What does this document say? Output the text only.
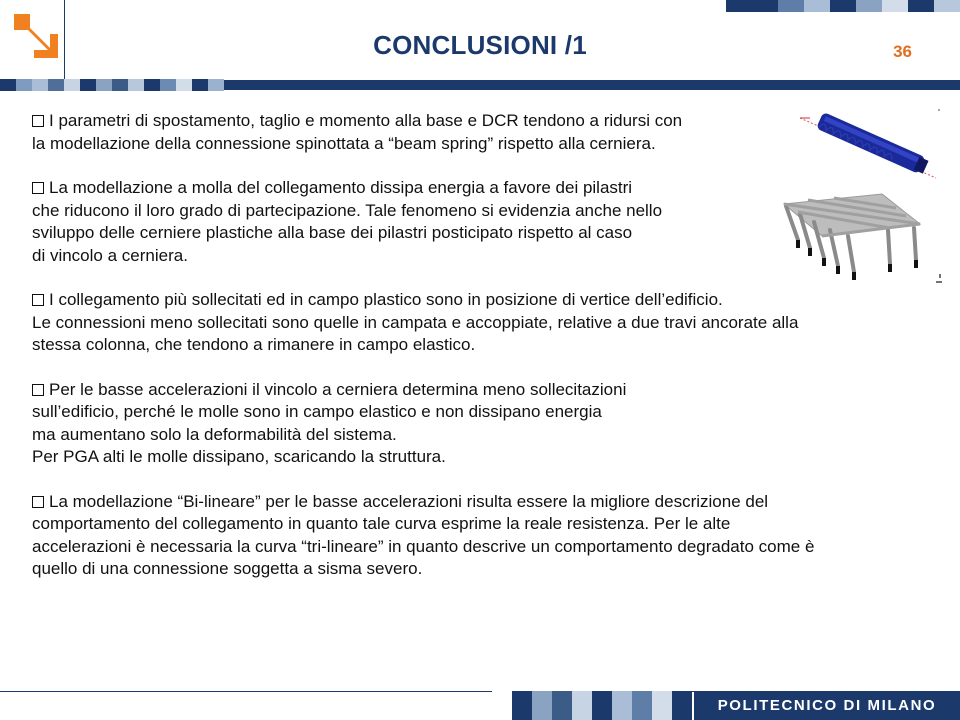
CONCLUSIONI /1	36
I parametri di spostamento, taglio e momento alla base e DCR tendono a ridursi con
la modellazione della connessione spinottata a “beam spring” rispetto alla cerniera.
La modellazione a molla del collegamento dissipa energia a favore dei pilastri
che riducono il loro grado di partecipazione. Tale fenomeno si evidenzia anche nello
sviluppo delle cerniere plastiche alla base dei pilastri posticipato rispetto al caso
di vincolo a cerniera.
I collegamento più sollecitati ed in campo plastico sono in posizione di vertice dell’edificio.
Le connessioni meno sollecitati sono quelle in campata e accoppiate, relative a due travi ancorate alla
stessa colonna, che tendono a rimanere in campo elastico.
Per le basse accelerazioni il vincolo a cerniera determina meno sollecitazioni
sull’edificio, perché le molle sono in campo elastico e non dissipano energia
ma aumentano solo la deformabilità del sistema.
Per PGA alti le molle dissipano, scaricando la struttura.
La modellazione “Bi-lineare” per le basse accelerazioni risulta essere la migliore descrizione del
comportamento del collegamento in quanto tale curva esprime la reale resistenza. Per le alte
accelerazioni è necessaria la curva “tri-lineare” in quanto descrive un comportamento degradato come è
quello di una connessione soggetta a sisma severo.
POLITECNICO DI MILANO
